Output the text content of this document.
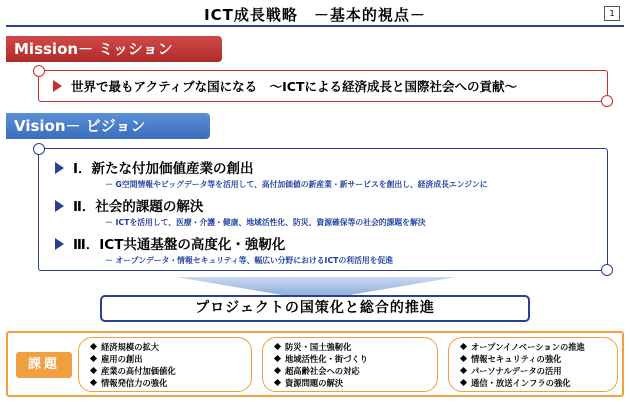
ICT成長戦略　－基本的視点－	1
Mission－ ミッション
世界で最もアクティブな国になる　～ICTによる経済成長と国際社会への貢献～
Vision－ ビジョン
Ⅰ．新たな付加価値産業の創出
－ G空間情報やビッグデータ等を活用して、高付加価値の新産業・新サービスを創出し、経済成長エンジンに
Ⅱ．社会的課題の解決
－ ICTを活用して、医療・介護・健康、地域活性化、防災、資源確保等の社会的課題を解決
Ⅲ．ICT共通基盤の高度化・強靭化
－ オープンデータ・情報セキュリティ等、幅広い分野におけるICTの利活用を促進
プロジェクトの国策化と総合的推進
課題
経済規模の拡大
雇用の創出
産業の高付加価値化
情報発信力の強化
防災・国土強靭化
地域活性化・街づくり
超高齢社会への対応
資源問題の解決
オープンイノベーションの推進
情報セキュリティの強化
パーソナルデータの活用
通信・放送インフラの強化
